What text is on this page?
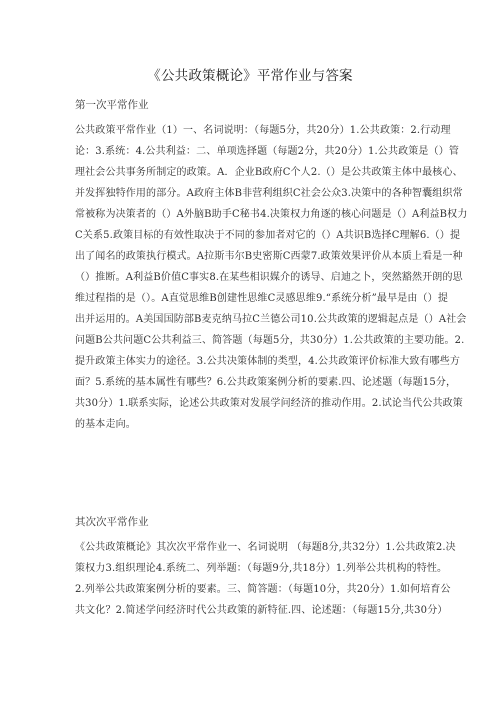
《公共政策概论》平常作业与答案
第一次平常作业
公共政策平常作业（1）一、名词说明：（每题5分，共20分）1.公共政策：2.行动理
论：3.系统：4.公共利益：二、单项选择题（每题2分，共20分）1.公共政策是（）管
理社会公共事务所制定的政策。A．企业B政府C个人2.（）是公共政策主体中最核心、
并发挥独特作用的部分。A政府主体B非营利组织C社会公众3.决策中的各种智囊组织常
常被称为决策者的（）A外脑B助手C秘书4.决策权力角逐的核心问题是（）A利益B权力
C关系5.政策目标的有效性取决于不同的参加者对它的（）A共识B选择C理解6.（）提
出了闻名的政策执行模式。A拉斯韦尔B史密斯C西蒙7.政策效果评价从本质上看是一种
（）推断。A利益B价值C事实8.在某些相识媒介的诱导、启迪之卜，突然豁然开朗的思
维过程指的是（）。A直觉思维B创建性思维C灵感思维9.“系统分析”最早是由（）提
出并运用的。A美国国防部B麦克纳马拉C兰德公司10.公共政策的逻辑起点是（）A社会
问题B公共问题C公共利益三、简答题（每题5分，共30分）1.公共政策的主要功能。2.
提升政策主体实力的途径。3.公共决策体制的类型，4.公共政策评价标准大致有哪些方
面？5.系统的基本属性有哪些？6.公共政策案例分析的要素.四、论述题（每题15分，
共30分）1.联系实际，论述公共政策对发展学问经济的推动作用。2.试论当代公共政策
的基本走向。
其次次平常作业
《公共政策概论》其次次平常作业一、名词说明 （每题8分,共32分）1.公共政策2.决
策权力3.组织理论4.系统二、列举题：（每题9分,共18分）1.列举公共机构的特性。
2.列举公共政策案例分析的要素。三、简答题：（每题10分，共20分）1.如何培育公
共文化？2.简述学问经济时代公共政策的新特征.四、论述题：（每题15分,共30分）
